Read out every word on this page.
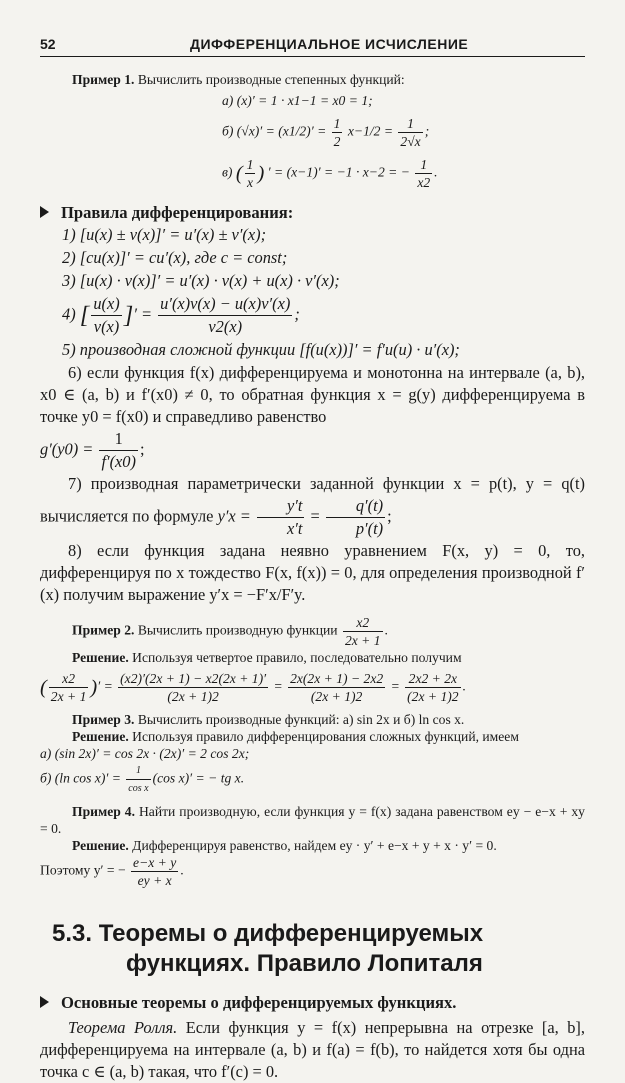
52	ДИФФЕРЕНЦИАЛЬНОЕ ИСЧИСЛЕНИЕ

Пример 1. Вычислить производные степенных функций:

а) (x)′ = 1 · x1−1 = x0 = 1;

б) $(√x)' = (x1/2)' = \frac{1}{2} x-1/2 = \frac{1}{2√x}$ ;

в) ( $\frac{1}{x}$ ) ′ = (x−1)′ = −1 · x−2 = − $\frac{1}{x2}$ .

Правила дифференцирования:

1) [u(x) ± v(x)]′ = u′(x) ± v′(x);

2) [cu(x)]′ = cu′(x), где c = const;

3) [u(x) · v(x)]′ = u′(x) · v(x) + u(x) · v′(x);

4) [ $\frac{u(x)}{v(x)}$ ]′ = $\frac{u'(x)v(x) - u(x)v'(x)}{v2(x)}$ ;

5) производная сложной функции [f(u(x))]′ = f′u(u) · u′(x);

6) если функция f(x) дифференцируема и монотонна на интервале (a, b), x0 ∈ (a, b) и f′(x0) ≠ 0, то обратная функция x = g(y) дифференцируема в точке y0 = f(x0) и справедливо равенство

$g'(y0) = \frac{1}{f'(x0)}$ ;

7) производная параметрически заданной функции x = p(t), y = q(t) вычисляется по формуле $y'x = \frac{y't}{x't} = \frac{q'(t)}{p'(t)}$ ;

8) если функция задана неявно уравнением F(x, y) = 0, то, дифференцируя по x тождество F(x, f(x)) = 0, для определения производной f′(x) получим выражение y′x = −F′x/F′y.

Пример 2. Вычислить производную функции $\frac{x2}{2x + 1}$ .

Решение. Используя четвертое правило, последовательно получим

( $\frac{x2}{2x + 1}$ )′ = $\frac{(x2)'(2x + 1) - x2(2x + 1)'}{(2x + 1)2} = \frac{2x(2x + 1) - 2x2}{(2x + 1)2} = \frac{2x2 + 2x}{(2x + 1)2}$ .

Пример 3. Вычислить производные функций: а) sin 2x и б) ln cos x.

Решение. Используя правило дифференцирования сложных функций, имеем

а) (sin 2x)′ = cos 2x · (2x)′ = 2 cos 2x;

б) (ln $\cos x)' = \frac{1}{\text{cos x}} (\cos$ x)′ = − tg x.

Пример 4. Найти производную, если функция y = f(x) задана равенством ey − e−x + xy = 0.

Решение. Дифференцируя равенство, найдем ey · y′ + e−x + y + x · y′ = 0.

Поэтому y′ = − $\frac{e-x + y}{ey + x}$ .

5.3. Теоремы о дифференцируемых
функциях. Правило Лопиталя

Основные теоремы о дифференцируемых функциях.

Теорема Ролля. Если функция y = f(x) непрерывна на отрезке [a, b], дифференцируема на интервале (a, b) и f(a) = f(b), то найдется хотя бы одна точка c ∈ (a, b) такая, что f′(c) = 0.
